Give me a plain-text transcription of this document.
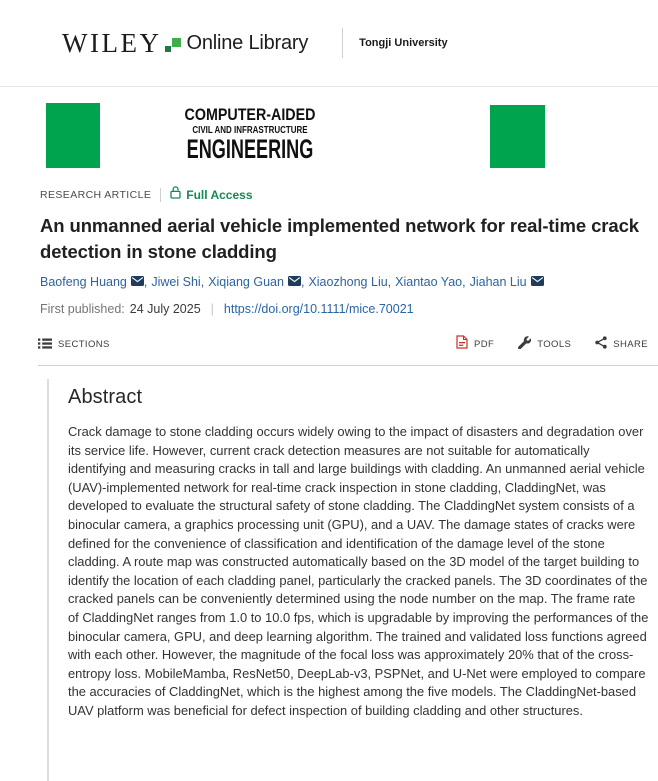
WILEY Online Library	Tongji University
COMPUTER-AIDED
CIVIL AND INFRASTRUCTURE
ENGINEERING
RESEARCH ARTICLE	Full Access
An unmanned aerial vehicle implemented network for real-time crack detection in stone cladding
Baofeng Huang , Jiwei Shi , Xiqiang Guan , Xiaozhong Liu , Xiantao Yao , Jiahan Liu
First published: 24 July 2025 | https://doi.org/10.1111/mice.70021
SECTIONS	PDF	TOOLS	SHARE
Abstract

Crack damage to stone cladding occurs widely owing to the impact of disasters and degradation over its service life. However, current crack detection measures are not suitable for automatically identifying and measuring cracks in tall and large buildings with cladding. An unmanned aerial vehicle (UAV)-implemented network for real-time crack inspection in stone cladding, CladdingNet, was developed to evaluate the structural safety of stone cladding. The CladdingNet system consists of a binocular camera, a graphics processing unit (GPU), and a UAV. The damage states of cracks were defined for the convenience of classification and identification of the damage level of the stone cladding. A route map was constructed automatically based on the 3D model of the target building to identify the location of each cladding panel, particularly the cracked panels. The 3D coordinates of the cracked panels can be conveniently determined using the node number on the map. The frame rate of CladdingNet ranges from 1.0 to 10.0 fps, which is upgradable by improving the performances of the binocular camera, GPU, and deep learning algorithm. The trained and validated loss functions agreed with each other. However, the magnitude of the focal loss was approximately 20% that of the cross-entropy loss. MobileMamba, ResNet50, DeepLab-v3, PSPNet, and U-Net were employed to compare the accuracies of CladdingNet, which is the highest among the five models. The CladdingNet-based UAV platform was beneficial for defect inspection of building cladding and other structures.
